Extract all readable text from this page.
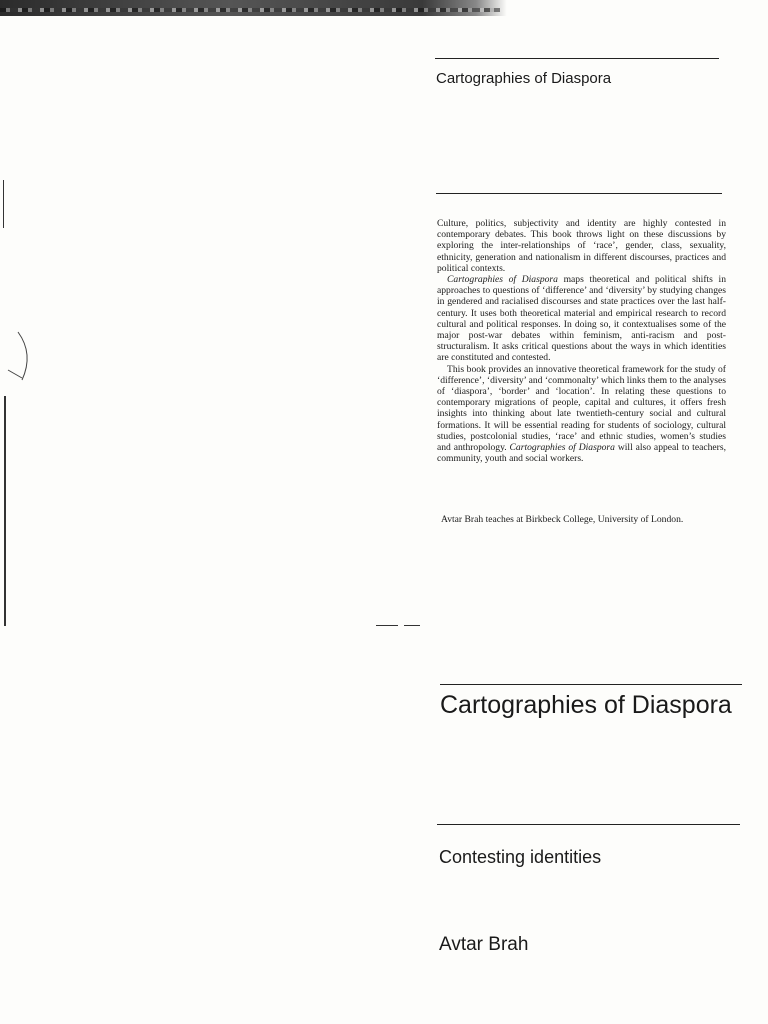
Cartographies of Diaspora

Culture, politics, subjectivity and identity are highly contested in contemporary debates. This book throws light on these discussions by exploring the inter-relationships of ‘race’, gender, class, sexuality, ethnicity, generation and nationalism in different discourses, practices and political contexts.

Cartographies of Diaspora maps theoretical and political shifts in approaches to questions of ‘difference’ and ‘diversity’ by studying changes in gendered and racialised discourses and state practices over the last half-century. It uses both theoretical material and empirical research to record cultural and political responses. In doing so, it contextualises some of the major post-war debates within feminism, anti-racism and post-structuralism. It asks critical questions about the ways in which identities are constituted and contested.

This book provides an innovative theoretical framework for the study of ‘difference’, ‘diversity’ and ‘commonalty’ which links them to the analyses of ‘diaspora’, ‘border’ and ‘location’. In relating these questions to contemporary migrations of people, capital and cultures, it offers fresh insights into thinking about late twentieth-century social and cultural formations. It will be essential reading for students of sociology, cultural studies, postcolonial studies, ‘race’ and ethnic studies, women’s studies and anthropology. Cartographies of Diaspora will also appeal to teachers, community, youth and social workers.

Avtar Brah teaches at Birkbeck College, University of London.
Cartographies of Diaspora
Contesting identities
Avtar Brah
